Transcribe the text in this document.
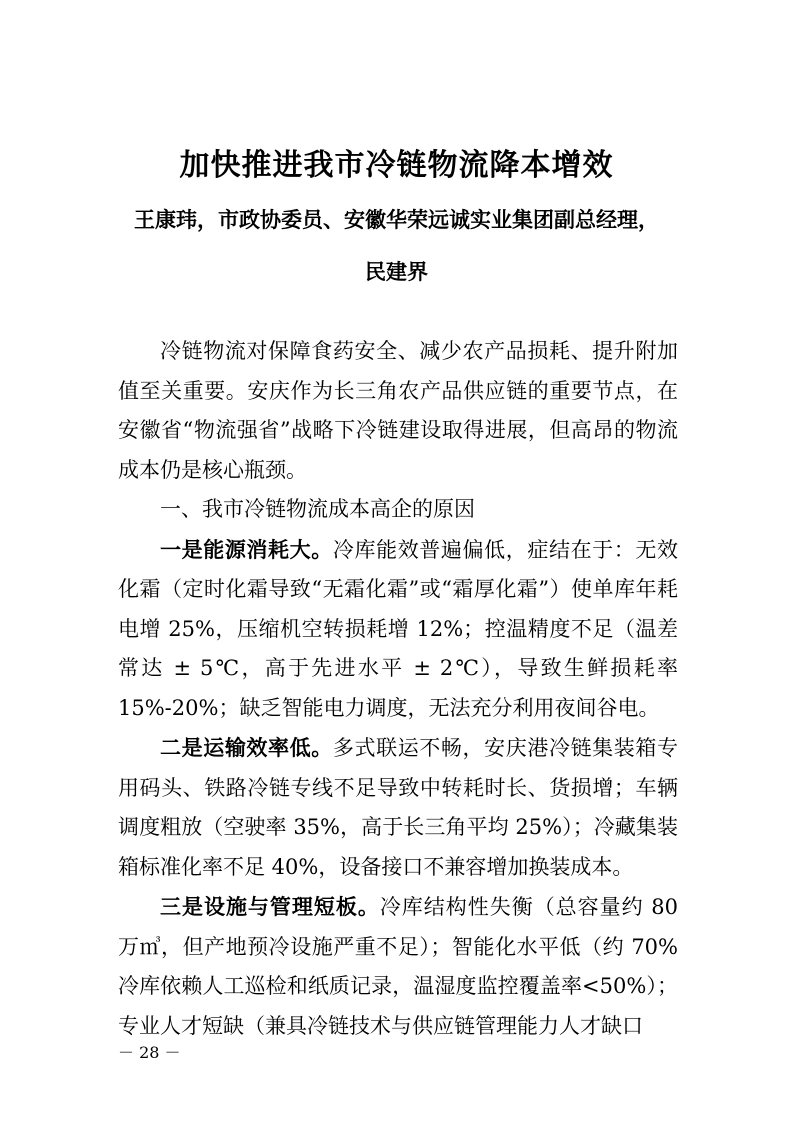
加快推进我市冷链物流降本增效

王康玮，市政协委员、安徽华荣远诚实业集团副总经理，

民建界

冷链物流对保障食药安全、减少农产品损耗、提升附加值至关重要。安庆作为长三角农产品供应链的重要节点，在安徽省“物流强省”战略下冷链建设取得进展，但高昂的物流成本仍是核心瓶颈。

一、我市冷链物流成本高企的原因

一是能源消耗大。冷库能效普遍偏低，症结在于：无效化霜（定时化霜导致“无霜化霜”或“霜厚化霜”）使单库年耗电增 25%，压缩机空转损耗增 12%；控温精度不足（温差常达 ± 5℃，高于先进水平 ± 2℃），导致生鲜损耗率 15%-20%；缺乏智能电力调度，无法充分利用夜间谷电。

二是运输效率低。多式联运不畅，安庆港冷链集装箱专用码头、铁路冷链专线不足导致中转耗时长、货损增；车辆调度粗放（空驶率 35%，高于长三角平均 25%）；冷藏集装箱标准化率不足 40%，设备接口不兼容增加换装成本。

三是设施与管理短板。冷库结构性失衡（总容量约 80 万㎥，但产地预冷设施严重不足）；智能化水平低（约 70% 冷库依赖人工巡检和纸质记录，温湿度监控覆盖率<50%）；专业人才短缺（兼具冷链技术与供应链管理能力人才缺口

－ 28 －
